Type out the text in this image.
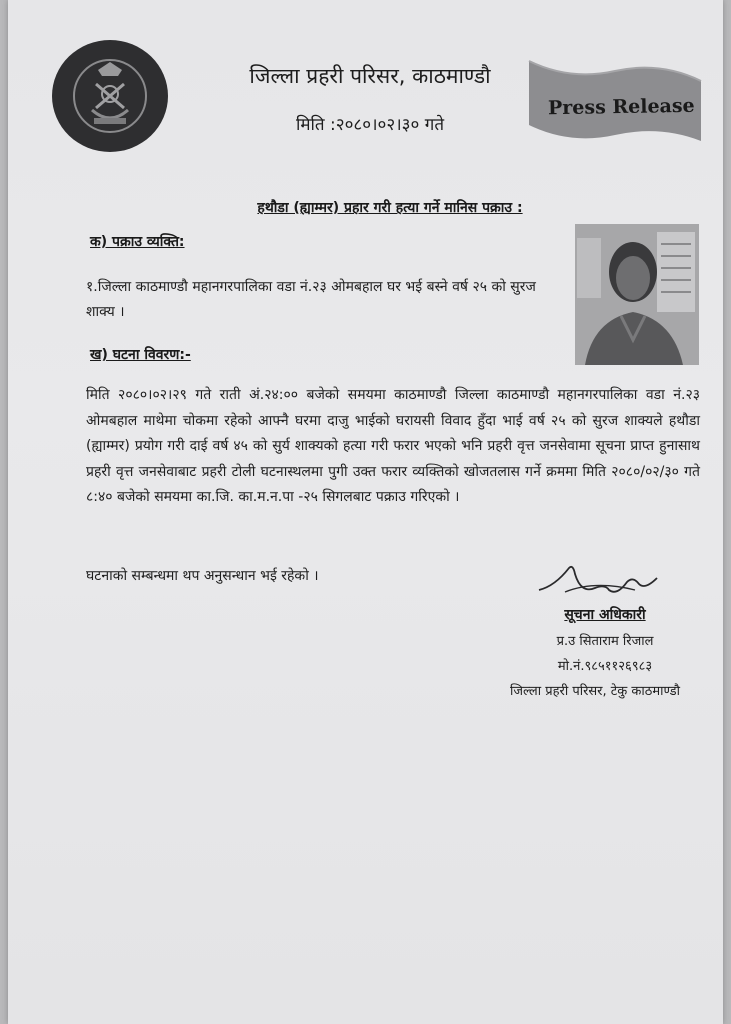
जिल्ला प्रहरी परिसर, काठमाण्डौ
मिति :२०८०।०२।३० गते
Press Release
हथौडा (ह्याम्मर) प्रहार गरी हत्या गर्ने मानिस पक्राउ :
क) पक्राउ व्यक्ति:
१.जिल्ला काठमाण्डौ महानगरपालिका वडा नं.२३ ओमबहाल घर भई बस्ने वर्ष २५ को सुरज शाक्य ।
ख) घटना विवरण:-
मिति २०८०।०२।२९ गते राती अं.२४:०० बजेको समयमा काठमाण्डौ जिल्ला काठमाण्डौ महानगरपालिका वडा नं.२३ ओमबहाल माथेमा चोकमा रहेको आफ्नै घरमा दाजु भाईको घरायसी विवाद हुँदा भाई वर्ष २५ को सुरज शाक्यले हथौडा (ह्याम्मर) प्रयोग गरी दाई वर्ष ४५ को सुर्य शाक्यको हत्या गरी फरार भएको भनि प्रहरी वृत्त जनसेवामा सूचना प्राप्त हुनासाथ प्रहरी वृत्त जनसेवाबाट प्रहरी टोली घटनास्थलमा पुगी उक्त फरार व्यक्तिको खोजतलास गर्ने क्रममा मिति २०८०/०२/३० गते ८:४० बजेको समयमा का.जि. का.म.न.पा -२५ सिगलबाट पक्राउ गरिएको ।
घटनाको सम्बन्धमा थप अनुसन्धान भई रहेको ।
सूचना अधिकारी
प्र.उ सिताराम रिजाल
मो.नं.९८५११२६९८३
जिल्ला प्रहरी परिसर, टेकु काठमाण्डौ
